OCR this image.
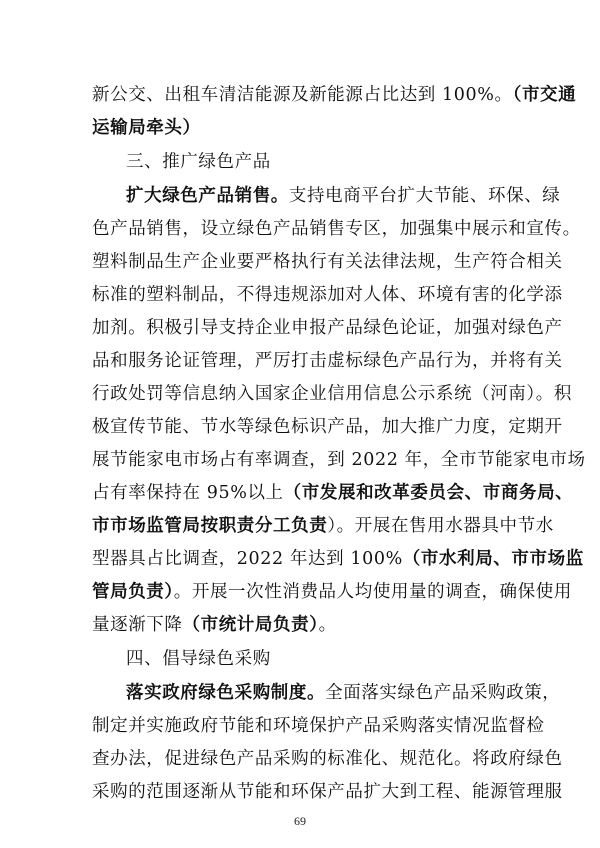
新公交、出租车清洁能源及新能源占比达到 100%。（市交通
运输局牵头）
三、推广绿色产品
扩大绿色产品销售。支持电商平台扩大节能、环保、绿
色产品销售，设立绿色产品销售专区，加强集中展示和宣传。
塑料制品生产企业要严格执行有关法律法规，生产符合相关
标准的塑料制品，不得违规添加对人体、环境有害的化学添
加剂。积极引导支持企业申报产品绿色论证，加强对绿色产
品和服务论证管理，严厉打击虚标绿色产品行为，并将有关
行政处罚等信息纳入国家企业信用信息公示系统（河南）。积
极宣传节能、节水等绿色标识产品，加大推广力度，定期开
展节能家电市场占有率调查，到 2022 年，全市节能家电市场
占有率保持在 95%以上（市发展和改革委员会、市商务局、
市市场监管局按职责分工负责）。开展在售用水器具中节水
型器具占比调查，2022 年达到 100%（市水利局、市市场监
管局负责）。开展一次性消费品人均使用量的调查，确保使用
量逐渐下降（市统计局负责）。
四、倡导绿色采购
落实政府绿色采购制度。全面落实绿色产品采购政策，
制定并实施政府节能和环境保护产品采购落实情况监督检
查办法，促进绿色产品采购的标准化、规范化。将政府绿色
采购的范围逐渐从节能和环保产品扩大到工程、能源管理服
69
